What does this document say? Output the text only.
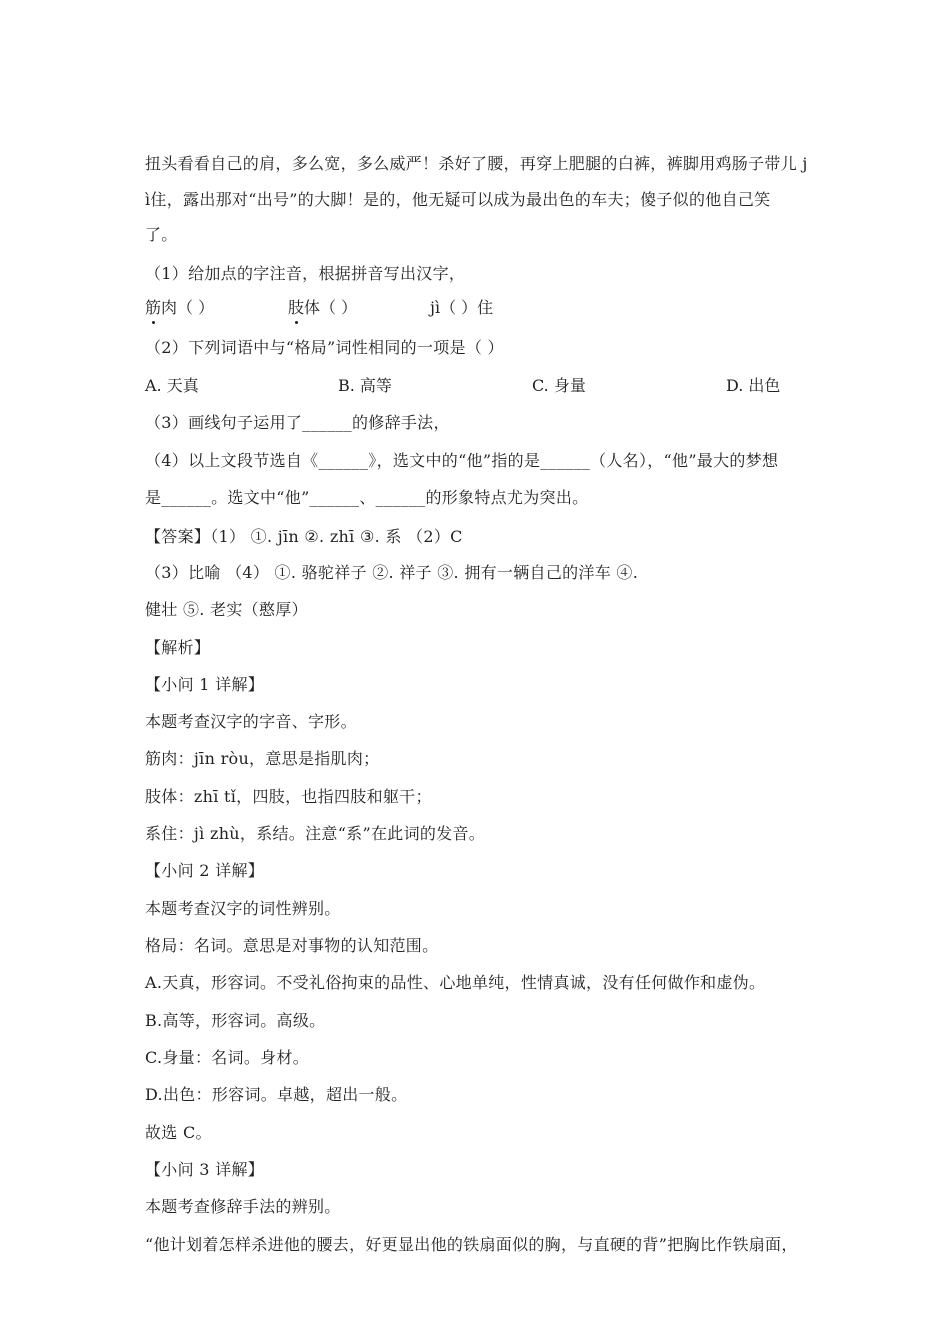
扭头看看自己的肩，多么宽，多么威严！杀好了腰，再穿上肥腿的白裤，裤脚用鸡肠子带儿 j
ì住，露出那对“出号”的大脚！是的，他无疑可以成为最出色的车夫；傻子似的他自己笑
了。
（1）给加点的字注音，根据拼音写出汉字，
筋肉（ ）	肢体（ ）	jì（ ）住
（2）下列词语中与“格局”词性相同的一项是（ ）
A. 天真	B. 高等	C. 身量	D. 出色
（3）画线句子运用了______的修辞手法，
（4）以上文段节选自《______》，选文中的“他”指的是______（人名），“他”最大的梦想
是______。选文中“他”______、______的形象特点尤为突出。
【答案】（1） ①. jīn ②. zhī ③. 系 （2）C
（3）比喻 （4） ①. 骆驼祥子 ②. 祥子 ③. 拥有一辆自己的洋车 ④.
健壮 ⑤. 老实（憨厚）
【解析】
【小问 1 详解】
本题考查汉字的字音、字形。
筋肉：jīn ròu，意思是指肌肉；
肢体：zhī tǐ，四肢，也指四肢和躯干；
系住：jì zhù，系结。注意“系”在此词的发音。
【小问 2 详解】
本题考查汉字的词性辨别。
格局：名词。意思是对事物的认知范围。
A.天真，形容词。不受礼俗拘束的品性、心地单纯，性情真诚，没有任何做作和虚伪。
B.高等，形容词。高级。
C.身量：名词。身材。
D.出色：形容词。卓越，超出一般。
故选 C。
【小问 3 详解】
本题考查修辞手法的辨别。
“他计划着怎样杀进他的腰去，好更显出他的铁扇面似的胸，与直硬的背”把胸比作铁扇面，
